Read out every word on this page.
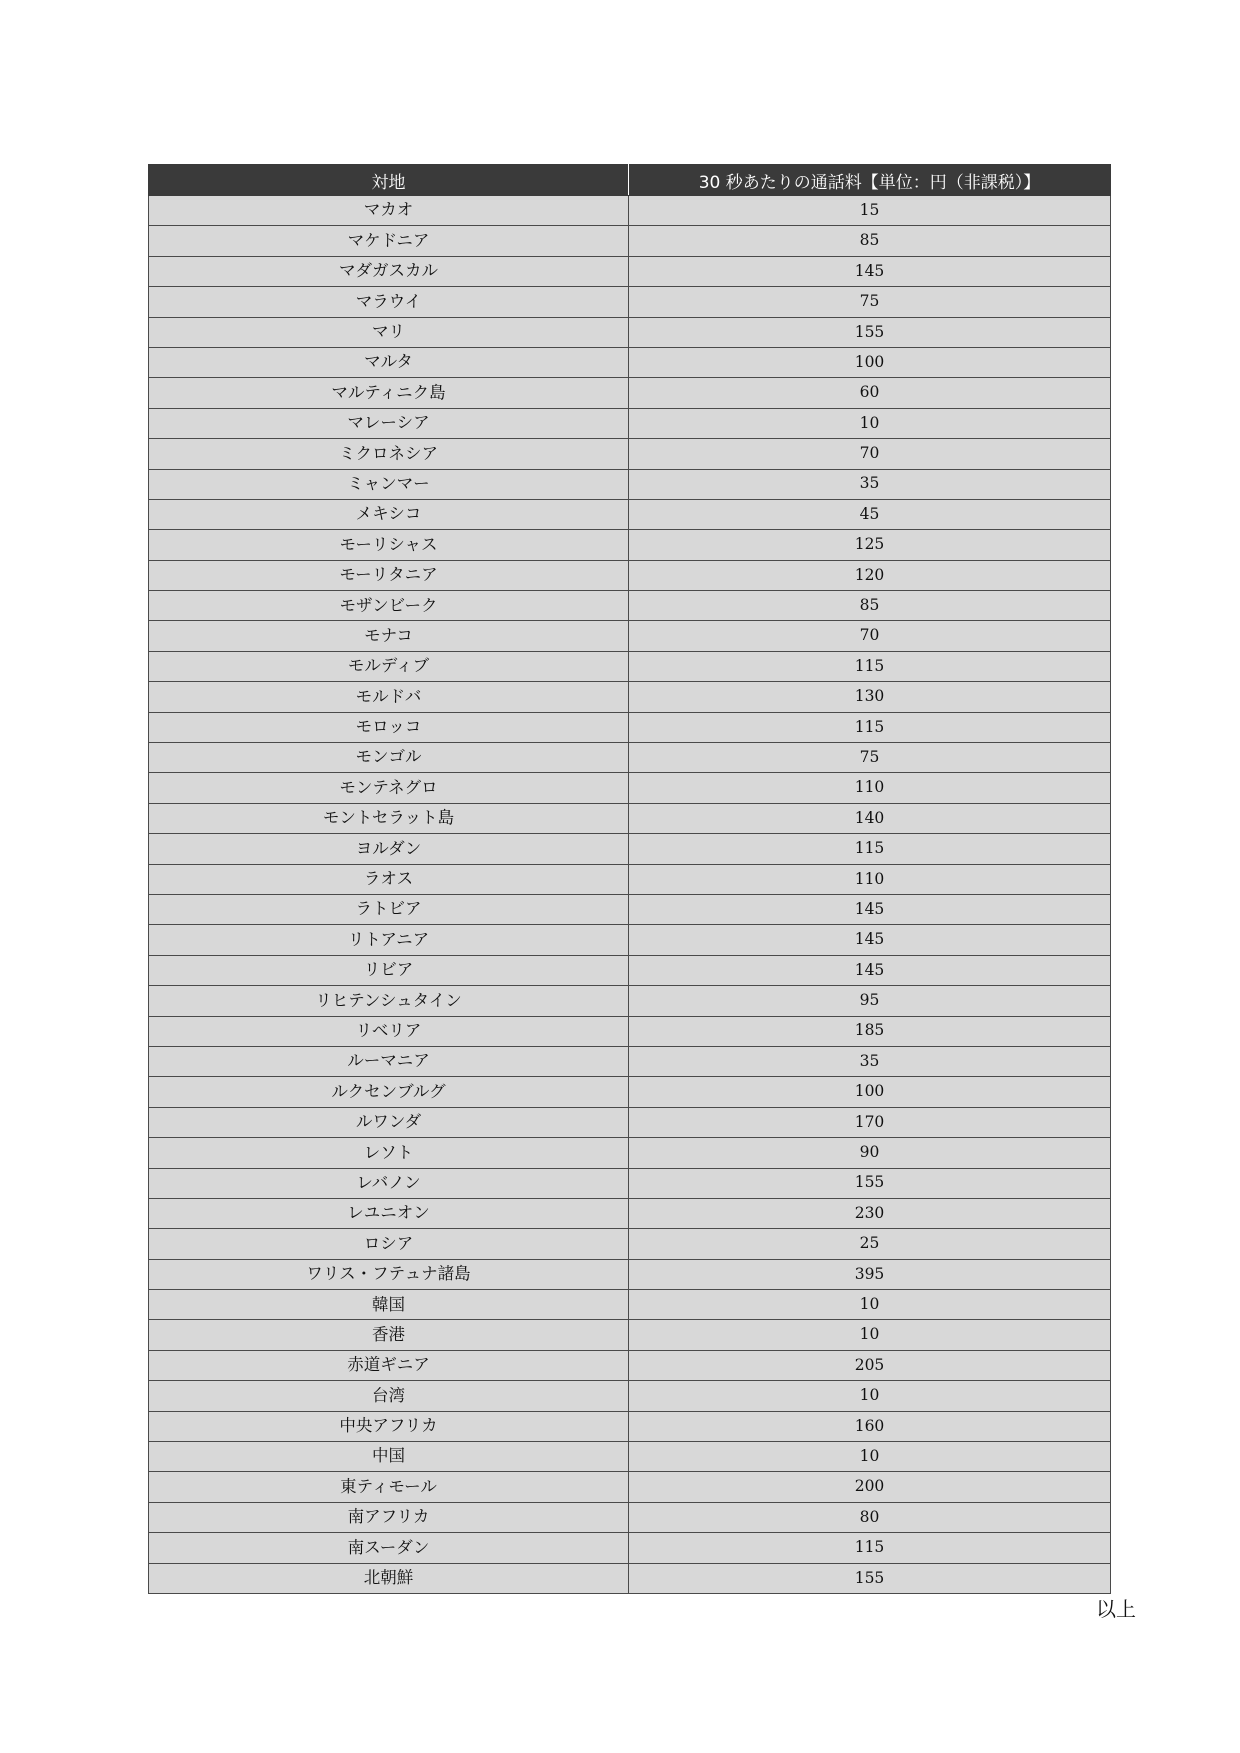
対地	30 秒あたりの通話料【単位：円（非課税）】
マカオ	15
マケドニア	85
マダガスカル	145
マラウイ	75
マリ	155
マルタ	100
マルティニク島	60
マレーシア	10
ミクロネシア	70
ミャンマー	35
メキシコ	45
モーリシャス	125
モーリタニア	120
モザンビーク	85
モナコ	70
モルディブ	115
モルドバ	130
モロッコ	115
モンゴル	75
モンテネグロ	110
モントセラット島	140
ヨルダン	115
ラオス	110
ラトビア	145
リトアニア	145
リビア	145
リヒテンシュタイン	95
リベリア	185
ルーマニア	35
ルクセンブルグ	100
ルワンダ	170
レソト	90
レバノン	155
レユニオン	230
ロシア	25
ワリス・フテュナ諸島	395
韓国	10
香港	10
赤道ギニア	205
台湾	10
中央アフリカ	160
中国	10
東ティモール	200
南アフリカ	80
南スーダン	115
北朝鮮	155
以上
